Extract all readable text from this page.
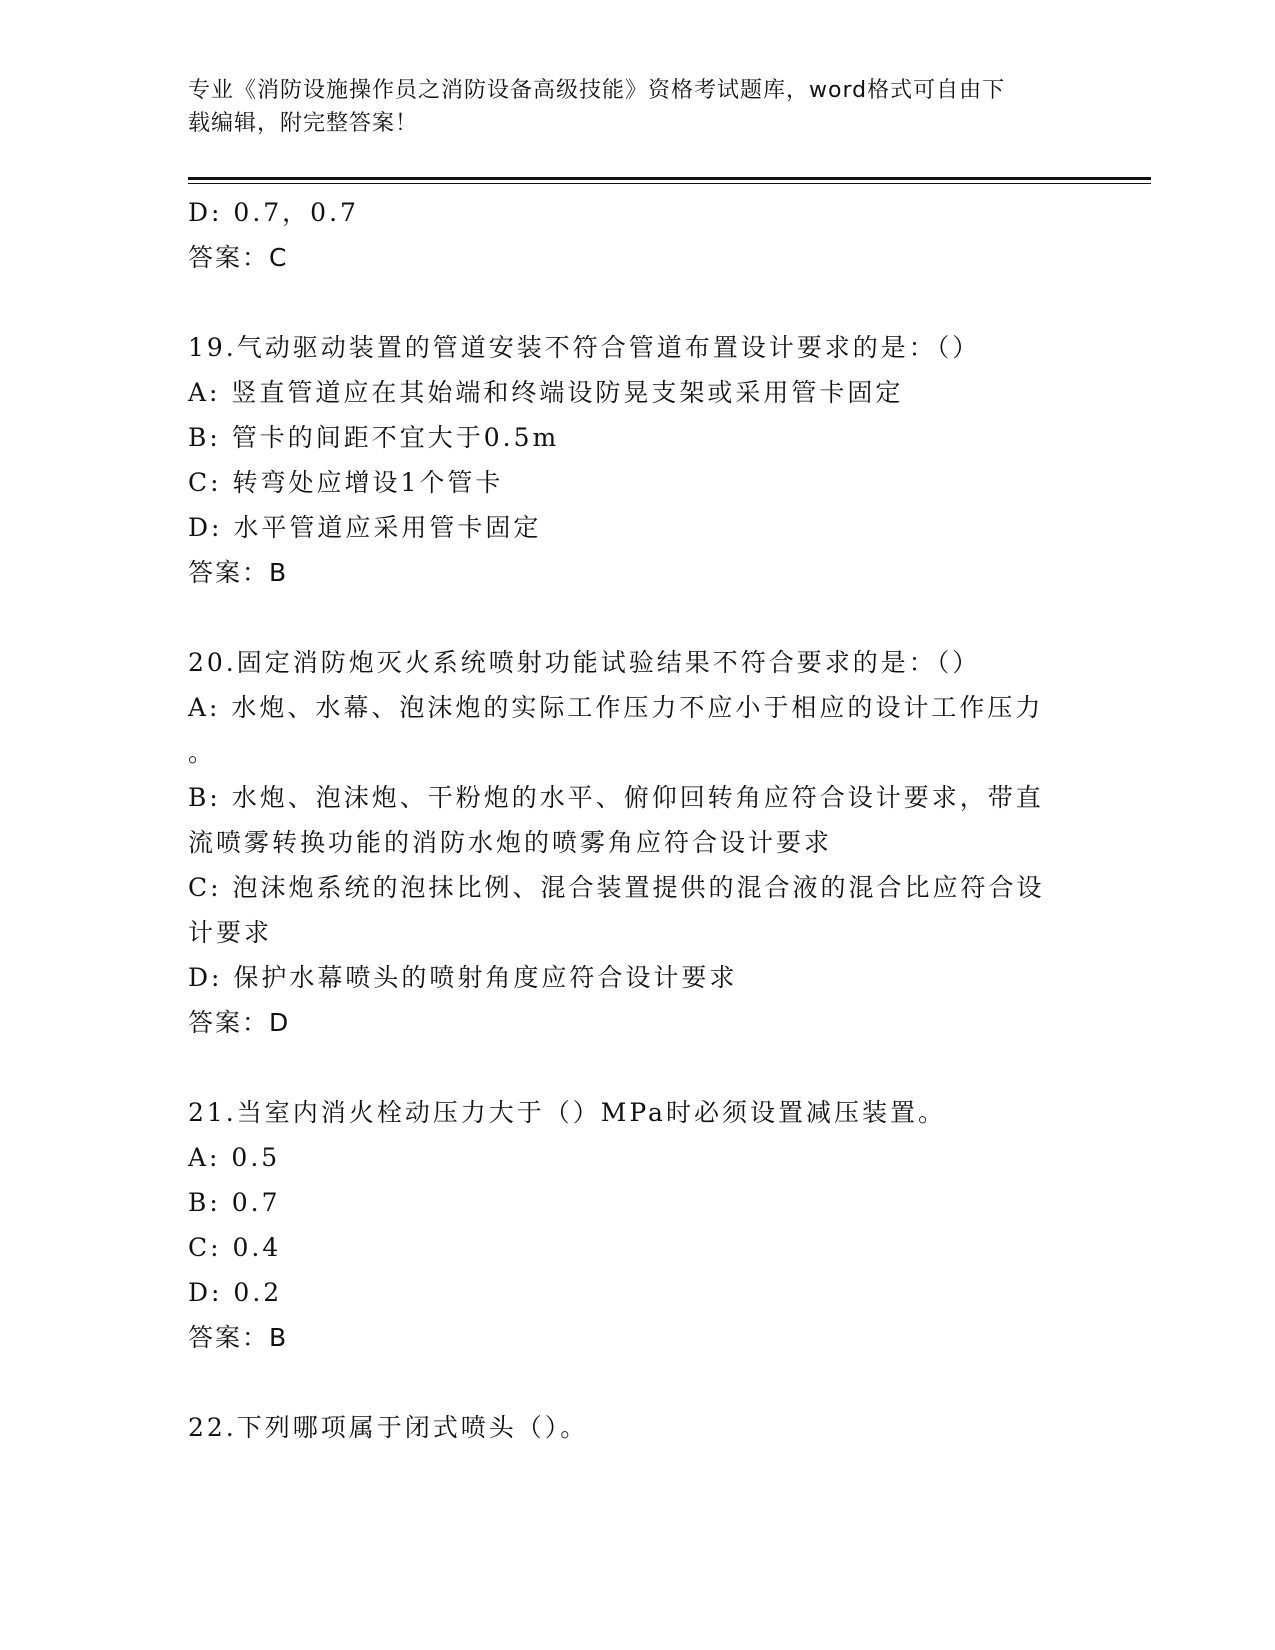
专业《消防设施操作员之消防设备高级技能》资格考试题库，word格式可自由下
载编辑，附完整答案！
D: 0.7，0.7
答案：C
19.气动驱动装置的管道安装不符合管道布置设计要求的是：（）
A: 竖直管道应在其始端和终端设防晃支架或采用管卡固定
B: 管卡的间距不宜大于0.5m
C: 转弯处应增设1个管卡
D: 水平管道应采用管卡固定
答案：B
20.固定消防炮灭火系统喷射功能试验结果不符合要求的是：（）
A: 水炮、水幕、泡沫炮的实际工作压力不应小于相应的设计工作压力
。
B: 水炮、泡沫炮、干粉炮的水平、俯仰回转角应符合设计要求，带直
流喷雾转换功能的消防水炮的喷雾角应符合设计要求
C: 泡沫炮系统的泡抹比例、混合装置提供的混合液的混合比应符合设
计要求
D: 保护水幕喷头的喷射角度应符合设计要求
答案：D
21.当室内消火栓动压力大于（）MPa时必须设置减压装置。
A: 0.5
B: 0.7
C: 0.4
D: 0.2
答案：B
22.下列哪项属于闭式喷头（）。
